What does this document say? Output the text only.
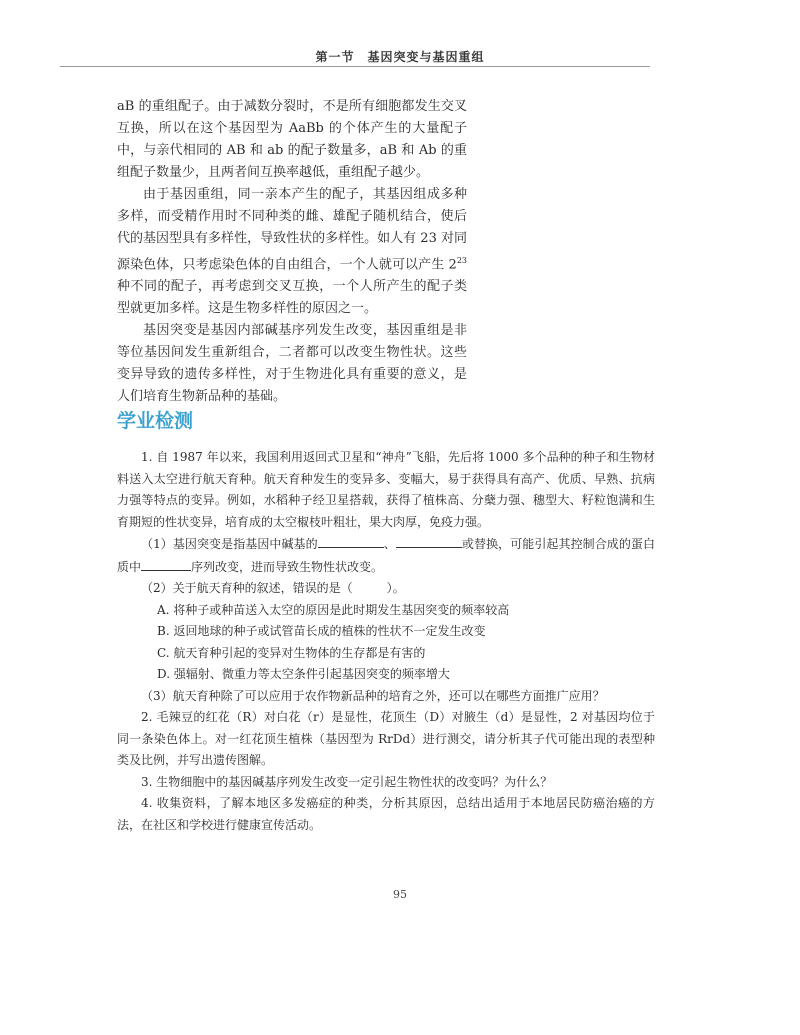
第一节　基因突变与基因重组

aB 的重组配子。由于减数分裂时，不是所有细胞都发生交叉互换，所以在这个基因型为 AaBb 的个体产生的大量配子中，与亲代相同的 AB 和 ab 的配子数量多，aB 和 Ab 的重组配子数量少，且两者间互换率越低，重组配子越少。

由于基因重组，同一亲本产生的配子，其基因组成多种多样，而受精作用时不同种类的雌、雄配子随机结合，使后代的基因型具有多样性，导致性状的多样性。如人有 23 对同源染色体，只考虑染色体的自由组合，一个人就可以产生 $2^{23}$ 种不同的配子，再考虑到交叉互换，一个人所产生的配子类型就更加多样。这是生物多样性的原因之一。

基因突变是基因内部碱基序列发生改变，基因重组是非等位基因间发生重新组合，二者都可以改变生物性状。这些变异导致的遗传多样性，对于生物进化具有重要的意义，是人们培育生物新品种的基础。

学业检测

1. 自 1987 年以来，我国利用返回式卫星和“神舟”飞船，先后将 1000 多个品种的种子和生物材料送入太空进行航天育种。航天育种发生的变异多、变幅大，易于获得具有高产、优质、早熟、抗病力强等特点的变异。例如，水稻种子经卫星搭载，获得了植株高、分蘖力强、穗型大、籽粒饱满和生育期短的性状变异，培育成的太空椒枝叶粗壮，果大肉厚，免疫力强。

（1）基因突变是指基因中碱基的	、	或替换，可能引起其控制合成的蛋白质中	序列改变，进而导致生物性状改变。

（2）关于航天育种的叙述，错误的是（	）。

A. 将种子或种苗送入太空的原因是此时期发生基因突变的频率较高

B. 返回地球的种子或试管苗长成的植株的性状不一定发生改变

C. 航天育种引起的变异对生物体的生存都是有害的

D. 强辐射、微重力等太空条件引起基因突变的频率增大

（3）航天育种除了可以应用于农作物新品种的培育之外，还可以在哪些方面推广应用？

2. 毛辣豆的红花（R）对白花（r）是显性，花顶生（D）对腋生（d）是显性，2 对基因均位于同一条染色体上。对一红花顶生植株（基因型为 RrDd）进行测交，请分析其子代可能出现的表型种类及比例，并写出遗传图解。

3. 生物细胞中的基因碱基序列发生改变一定引起生物性状的改变吗？为什么？

4. 收集资料，了解本地区多发癌症的种类，分析其原因，总结出适用于本地居民防癌治癌的方法，在社区和学校进行健康宣传活动。

95
